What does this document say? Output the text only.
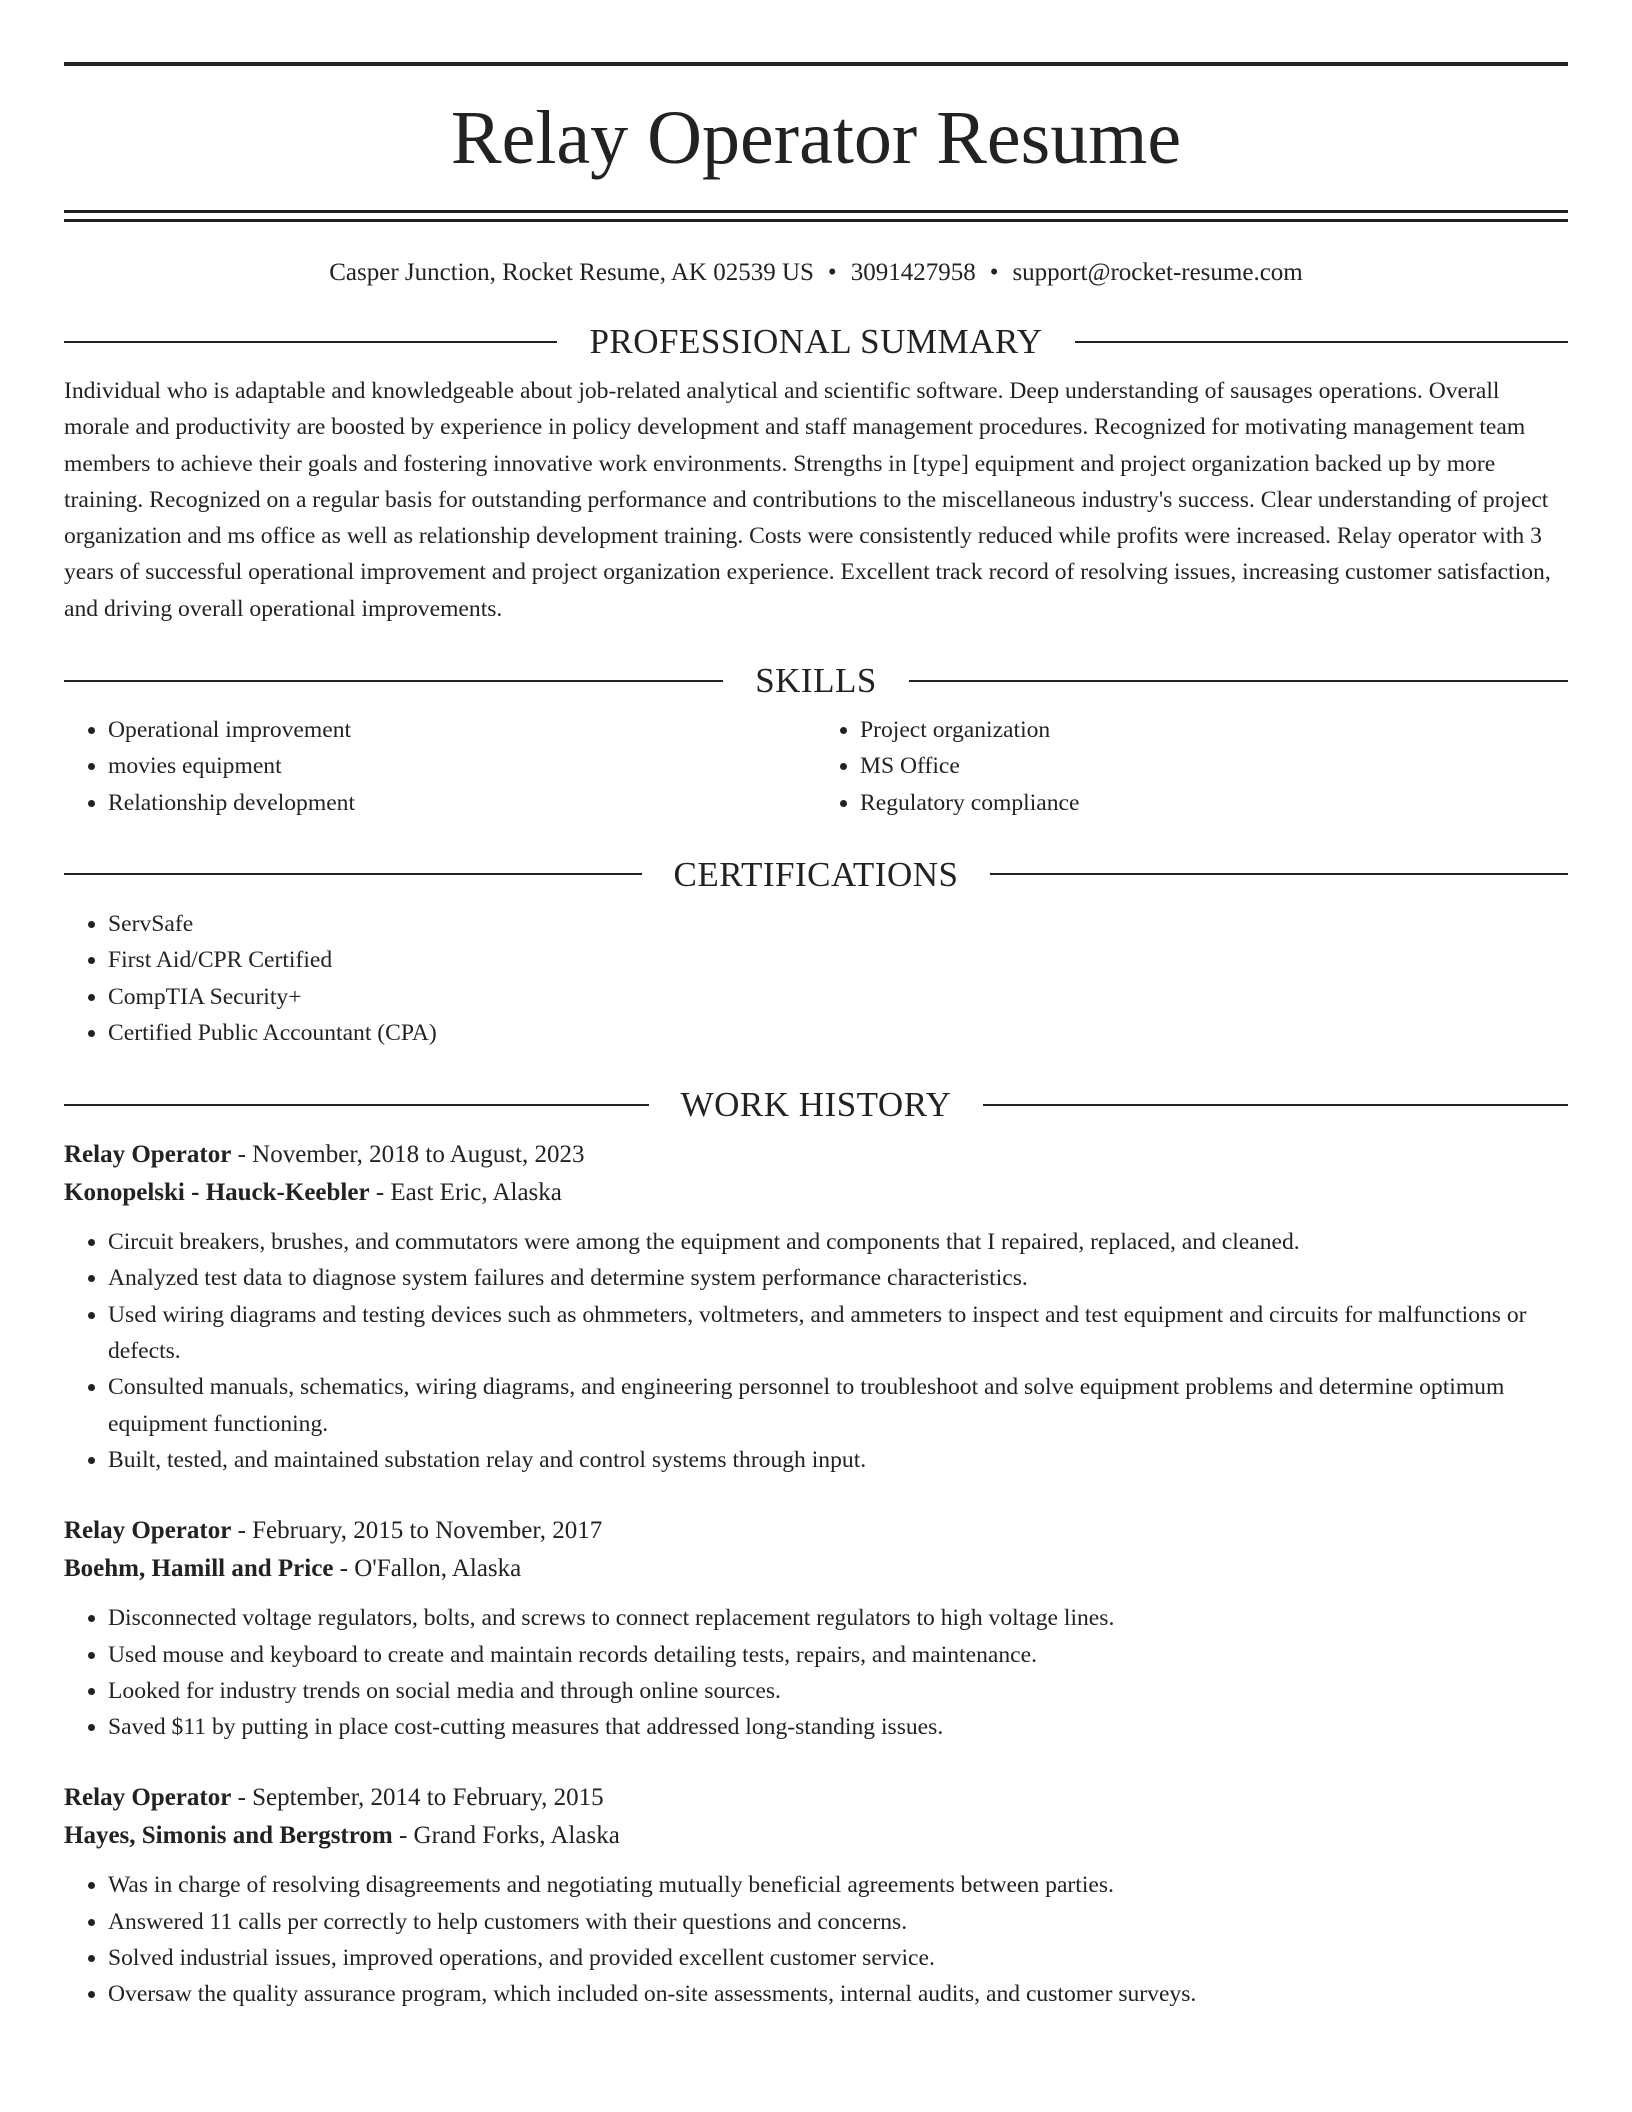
Relay Operator Resume
Casper Junction, Rocket Resume, AK 02539 US • 3091427958 • support@rocket-resume.com
PROFESSIONAL SUMMARY

Individual who is adaptable and knowledgeable about job-related analytical and scientific software. Deep understanding of sausages operations. Overall morale and productivity are boosted by experience in policy development and staff management procedures. Recognized for motivating management team members to achieve their goals and fostering innovative work environments. Strengths in [type] equipment and project organization backed up by more training. Recognized on a regular basis for outstanding performance and contributions to the miscellaneous industry's success. Clear understanding of project organization and ms office as well as relationship development training. Costs were consistently reduced while profits were increased. Relay operator with 3 years of successful operational improvement and project organization experience. Excellent track record of resolving issues, increasing customer satisfaction, and driving overall operational improvements.

SKILLS
• Operational improvement
• movies equipment
• Relationship development
• Project organization
• MS Office
• Regulatory compliance
CERTIFICATIONS
• ServSafe
• First Aid/CPR Certified
• CompTIA Security+
• Certified Public Accountant (CPA)
WORK HISTORY
Relay Operator - November, 2018 to August, 2023
Konopelski - Hauck-Keebler - East Eric, Alaska
• Circuit breakers, brushes, and commutators were among the equipment and components that I repaired, replaced, and cleaned.
• Analyzed test data to diagnose system failures and determine system performance characteristics.
• Used wiring diagrams and testing devices such as ohmmeters, voltmeters, and ammeters to inspect and test equipment and circuits for malfunctions or defects.
• Consulted manuals, schematics, wiring diagrams, and engineering personnel to troubleshoot and solve equipment problems and determine optimum equipment functioning.
• Built, tested, and maintained substation relay and control systems through input.
Relay Operator - February, 2015 to November, 2017
Boehm, Hamill and Price - O'Fallon, Alaska
• Disconnected voltage regulators, bolts, and screws to connect replacement regulators to high voltage lines.
• Used mouse and keyboard to create and maintain records detailing tests, repairs, and maintenance.
• Looked for industry trends on social media and through online sources.
• Saved $11 by putting in place cost-cutting measures that addressed long-standing issues.
Relay Operator - September, 2014 to February, 2015
Hayes, Simonis and Bergstrom - Grand Forks, Alaska
• Was in charge of resolving disagreements and negotiating mutually beneficial agreements between parties.
• Answered 11 calls per correctly to help customers with their questions and concerns.
• Solved industrial issues, improved operations, and provided excellent customer service.
• Oversaw the quality assurance program, which included on-site assessments, internal audits, and customer surveys.
